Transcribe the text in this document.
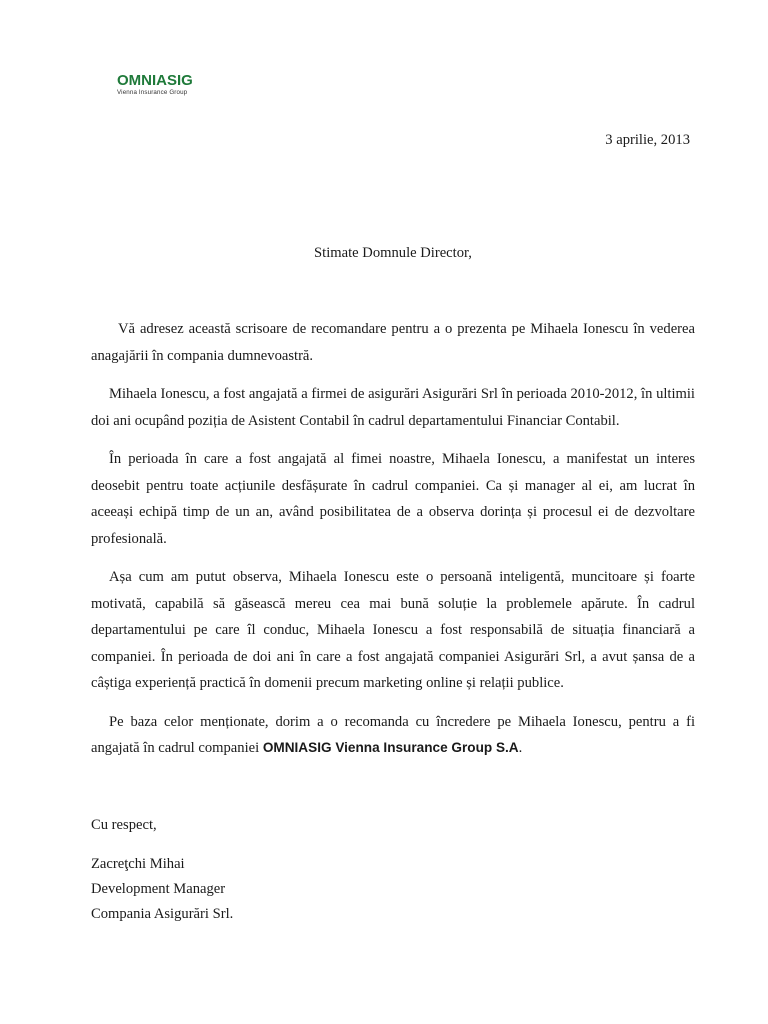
OMNIASIG
Vienna Insurance Group
3 aprilie, 2013
Stimate Domnule Director,

Vă adresez această scrisoare de recomandare pentru a o prezenta pe Mihaela Ionescu în vederea anagajării în compania dumnevoastră.

Mihaela Ionescu, a fost angajată a firmei de asigurări Asigurări Srl în perioada 2010-2012, în ultimii doi ani ocupând poziția de Asistent Contabil în cadrul departamentului Financiar Contabil.

În perioada în care a fost angajată al fimei noastre, Mihaela Ionescu, a manifestat un interes deosebit pentru toate acțiunile desfășurate în cadrul companiei. Ca și manager al ei, am lucrat în aceeași echipă timp de un an, având posibilitatea de a observa dorința și procesul ei de dezvoltare profesională.

Așa cum am putut observa, Mihaela Ionescu este o persoană inteligentă, muncitoare și foarte motivată, capabilă să găsească mereu cea mai bună soluție la problemele apărute. În cadrul departamentului pe care îl conduc, Mihaela Ionescu a fost responsabilă de situația financiară a companiei. În perioada de doi ani în care a fost angajată companiei Asigurări Srl, a avut șansa de a câștiga experiență practică în domenii precum marketing online și relații publice.

Pe baza celor menționate, dorim a o recomanda cu încredere pe Mihaela Ionescu, pentru a fi angajată în cadrul companiei OMNIASIG Vienna Insurance Group S.A.

Cu respect,
Zacreţchi Mihai
Development Manager
Compania Asigurări Srl.
